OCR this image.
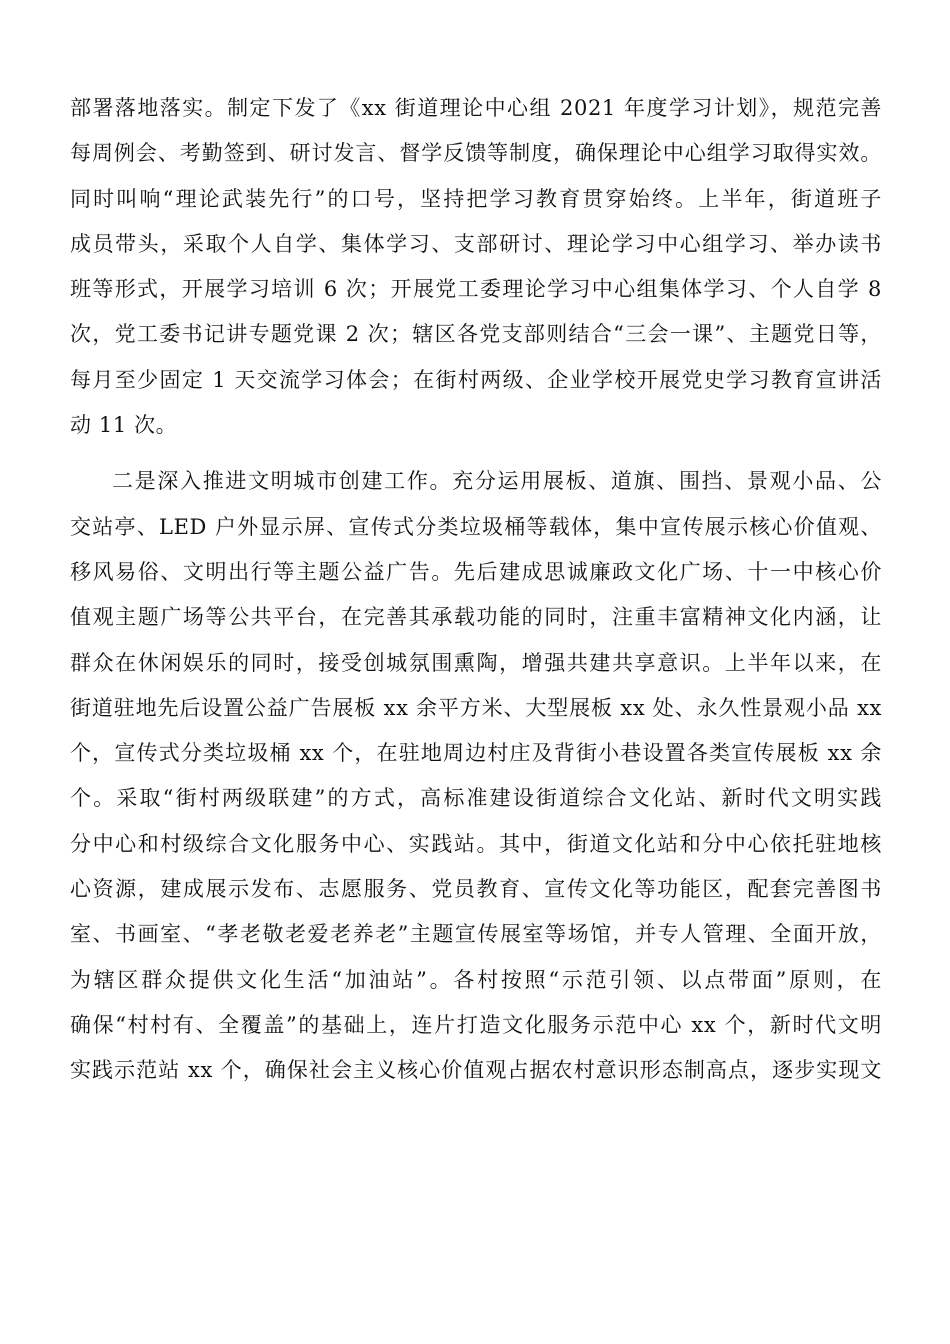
部署落地落实。制定下发了《xx 街道理论中心组 2021 年度学习计划》，规范完善
每周例会、考勤签到、研讨发言、督学反馈等制度，确保理论中心组学习取得实效。
同时叫响“理论武装先行”的口号，坚持把学习教育贯穿始终。上半年，街道班子
成员带头，采取个人自学、集体学习、支部研讨、理论学习中心组学习、举办读书
班等形式，开展学习培训 6 次；开展党工委理论学习中心组集体学习、个人自学 8
次，党工委书记讲专题党课 2 次；辖区各党支部则结合“三会一课”、主题党日等，
每月至少固定 1 天交流学习体会；在街村两级、企业学校开展党史学习教育宣讲活
动 11 次。
二是深入推进文明城市创建工作。充分运用展板、道旗、围挡、景观小品、公
交站亭、LED 户外显示屏、宣传式分类垃圾桶等载体，集中宣传展示核心价值观、
移风易俗、文明出行等主题公益广告。先后建成思诚廉政文化广场、十一中核心价
值观主题广场等公共平台，在完善其承载功能的同时，注重丰富精神文化内涵，让
群众在休闲娱乐的同时，接受创城氛围熏陶，增强共建共享意识。上半年以来，在
街道驻地先后设置公益广告展板 xx 余平方米、大型展板 xx 处、永久性景观小品 xx
个，宣传式分类垃圾桶 xx 个，在驻地周边村庄及背街小巷设置各类宣传展板 xx 余
个。采取“街村两级联建”的方式，高标准建设街道综合文化站、新时代文明实践
分中心和村级综合文化服务中心、实践站。其中，街道文化站和分中心依托驻地核
心资源，建成展示发布、志愿服务、党员教育、宣传文化等功能区，配套完善图书
室、书画室、“孝老敬老爱老养老”主题宣传展室等场馆，并专人管理、全面开放，
为辖区群众提供文化生活“加油站”。各村按照“示范引领、以点带面”原则，在
确保“村村有、全覆盖”的基础上，连片打造文化服务示范中心 xx 个，新时代文明
实践示范站 xx 个，确保社会主义核心价值观占据农村意识形态制高点，逐步实现文
